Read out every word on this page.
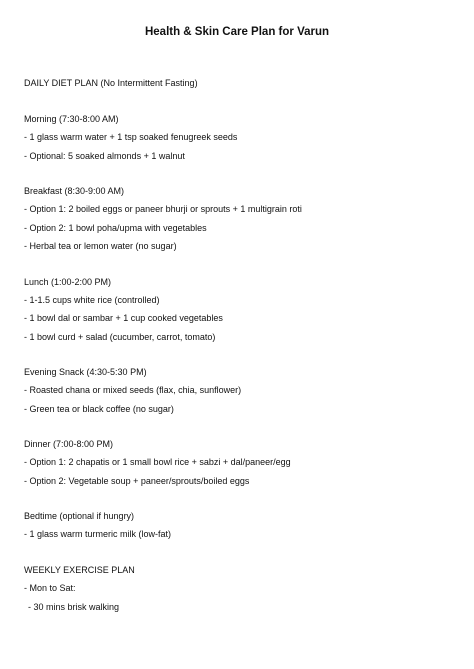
Health & Skin Care Plan for Varun
DAILY DIET PLAN (No Intermittent Fasting)
Morning (7:30-8:00 AM)
- 1 glass warm water + 1 tsp soaked fenugreek seeds
- Optional: 5 soaked almonds + 1 walnut
Breakfast (8:30-9:00 AM)
- Option 1: 2 boiled eggs or paneer bhurji or sprouts + 1 multigrain roti
- Option 2: 1 bowl poha/upma with vegetables
- Herbal tea or lemon water (no sugar)
Lunch (1:00-2:00 PM)
- 1-1.5 cups white rice (controlled)
- 1 bowl dal or sambar + 1 cup cooked vegetables
- 1 bowl curd + salad (cucumber, carrot, tomato)
Evening Snack (4:30-5:30 PM)
- Roasted chana or mixed seeds (flax, chia, sunflower)
- Green tea or black coffee (no sugar)
Dinner (7:00-8:00 PM)
- Option 1: 2 chapatis or 1 small bowl rice + sabzi + dal/paneer/egg
- Option 2: Vegetable soup + paneer/sprouts/boiled eggs
Bedtime (optional if hungry)
- 1 glass warm turmeric milk (low-fat)
WEEKLY EXERCISE PLAN
- Mon to Sat:
- 30 mins brisk walking
